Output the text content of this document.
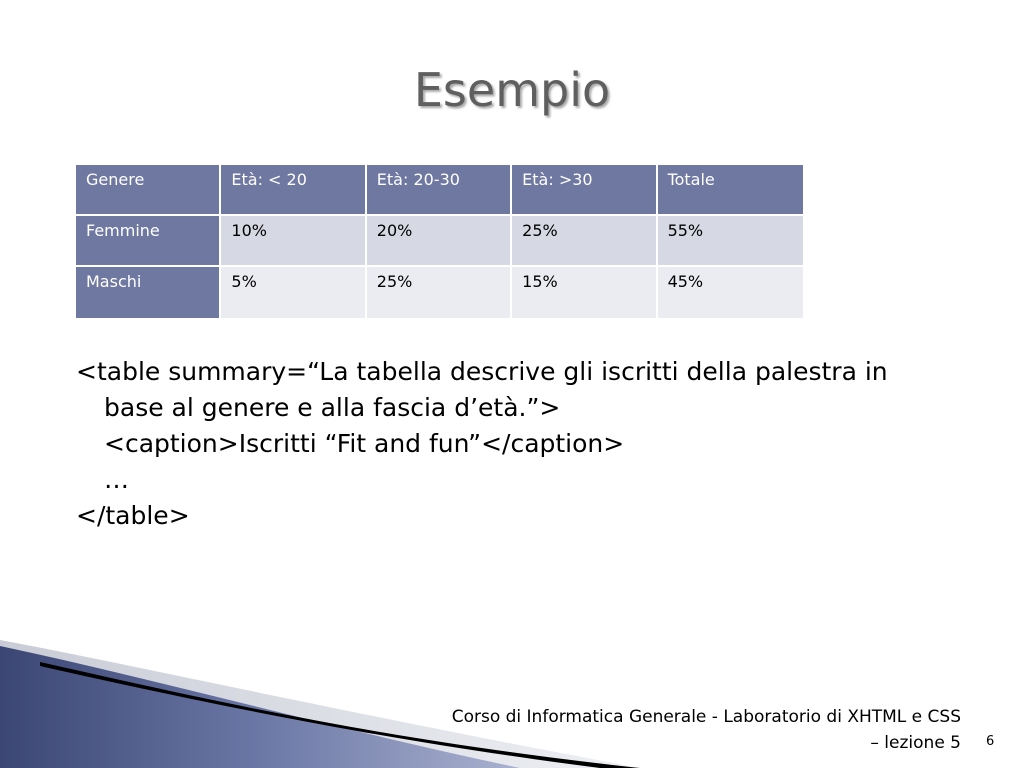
Esempio
Genere	Età: < 20	Età: 20-30	Età: >30	Totale
Femmine	10%	20%	25%	55%
Maschi	5%	25%	15%	45%
<table summary=“La tabella descrive gli iscritti della palestra in
base al genere e alla fascia d’età.”>
<caption>Iscritti “Fit and fun”</caption>
…
</table>
Corso di Informatica Generale - Laboratorio di XHTML e CSS
– lezione 5 6
